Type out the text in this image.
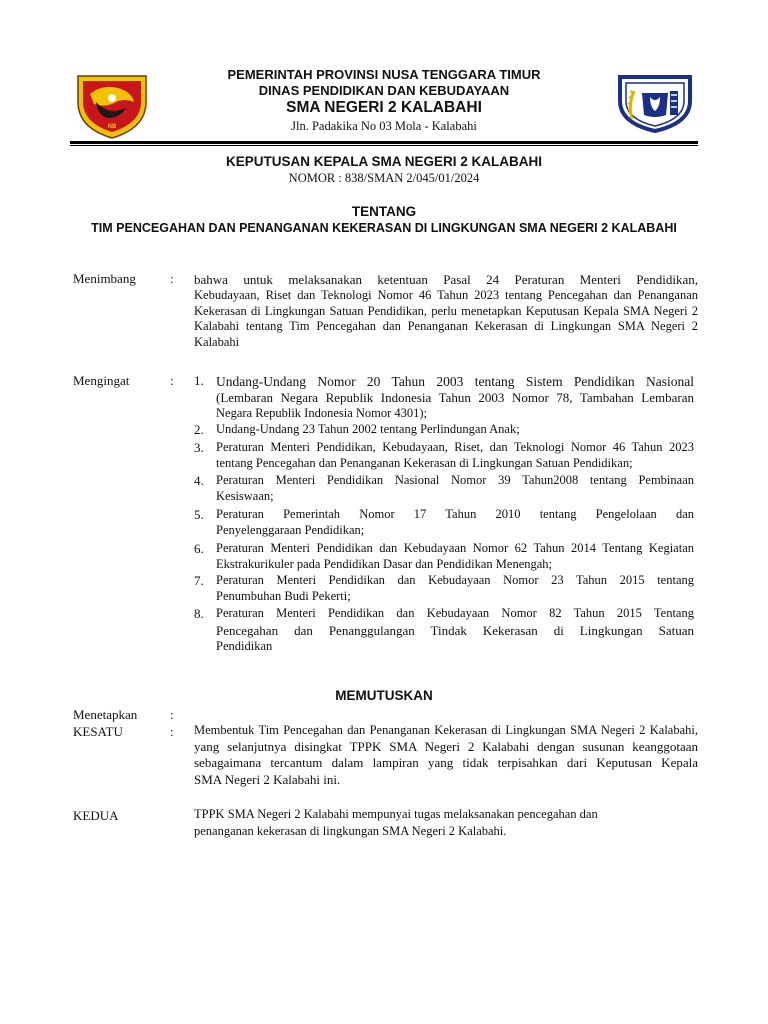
NB
PEMERINTAH PROVINSI NUSA TENGGARA TIMUR
DINAS PENDIDIKAN DAN KEBUDAYAAN
SMA NEGERI 2 KALABAHI
Jln. Padakika No 03 Mola - Kalabahi
KEPUTUSAN KEPALA SMA NEGERI 2 KALABAHI
NOMOR : 838/SMAN 2/045/01/2024
TENTANG
TIM PENCEGAHAN DAN PENANGANAN KEKERASAN DI LINGKUNGAN SMA NEGERI 2 KALABAHI
Menimbang	: bahwa untuk melaksanakan ketentuan Pasal 24 Peraturan Menteri Pendidikan,
Kebudayaan, Riset dan Teknologi Nomor 46 Tahun 2023 tentang Pencegahan dan Penanganan
Kekerasan di Lingkungan Satuan Pendidikan, perlu menetapkan Keputusan Kepala SMA Negeri 2
Kalabahi tentang Tim Pencegahan dan Penanganan Kekerasan di Lingkungan SMA Negeri 2
Kalabahi
Mengingat	: 1. Undang-Undang Nomor 20 Tahun 2003 tentang Sistem Pendidikan Nasional
(Lembaran Negara Republik Indonesia Tahun 2003 Nomor 78, Tambahan Lembaran
Negara Republik Indonesia Nomor 4301);
2. Undang-Undang 23 Tahun 2002 tentang Perlindungan Anak;
3. Peraturan Menteri Pendidikan, Kebudayaan, Riset, dan Teknologi Nomor 46 Tahun 2023
tentang Pencegahan dan Penanganan Kekerasan di Lingkungan Satuan Pendidikan;
4. Peraturan Menteri Pendidikan Nasional Nomor 39 Tahun2008 tentang Pembinaan
Kesiswaan;
5. Peraturan Pemerintah Nomor 17 Tahun 2010 tentang Pengelolaan dan
Penyelenggaraan Pendidikan;
6. Peraturan Menteri Pendidikan dan Kebudayaan Nomor 62 Tahun 2014 Tentang Kegiatan
Ekstrakurikuler pada Pendidikan Dasar dan Pendidikan Menengah;
7. Peraturan Menteri Pendidikan dan Kebudayaan Nomor 23 Tahun 2015 tentang
Penumbuhan Budi Pekerti;
8. Peraturan Menteri Pendidikan dan Kebudayaan Nomor 82 Tahun 2015 Tentang
Pencegahan dan Penanggulangan Tindak Kekerasan di Lingkungan Satuan
Pendidikan
MEMUTUSKAN
Menetapkan	:
KESATU	: Membentuk Tim Pencegahan dan Penanganan Kekerasan di Lingkungan SMA Negeri 2 Kalabahi,
yang selanjutnya disingkat TPPK SMA Negeri 2 Kalabahi dengan susunan keanggotaan
sebagaimana tercantum dalam lampiran yang tidak terpisahkan dari Keputusan Kepala
SMA Negeri 2 Kalabahi ini.
KEDUA	TPPK SMA Negeri 2 Kalabahi mempunyai tugas melaksanakan pencegahan dan
penanganan kekerasan di lingkungan SMA Negeri 2 Kalabahi.
